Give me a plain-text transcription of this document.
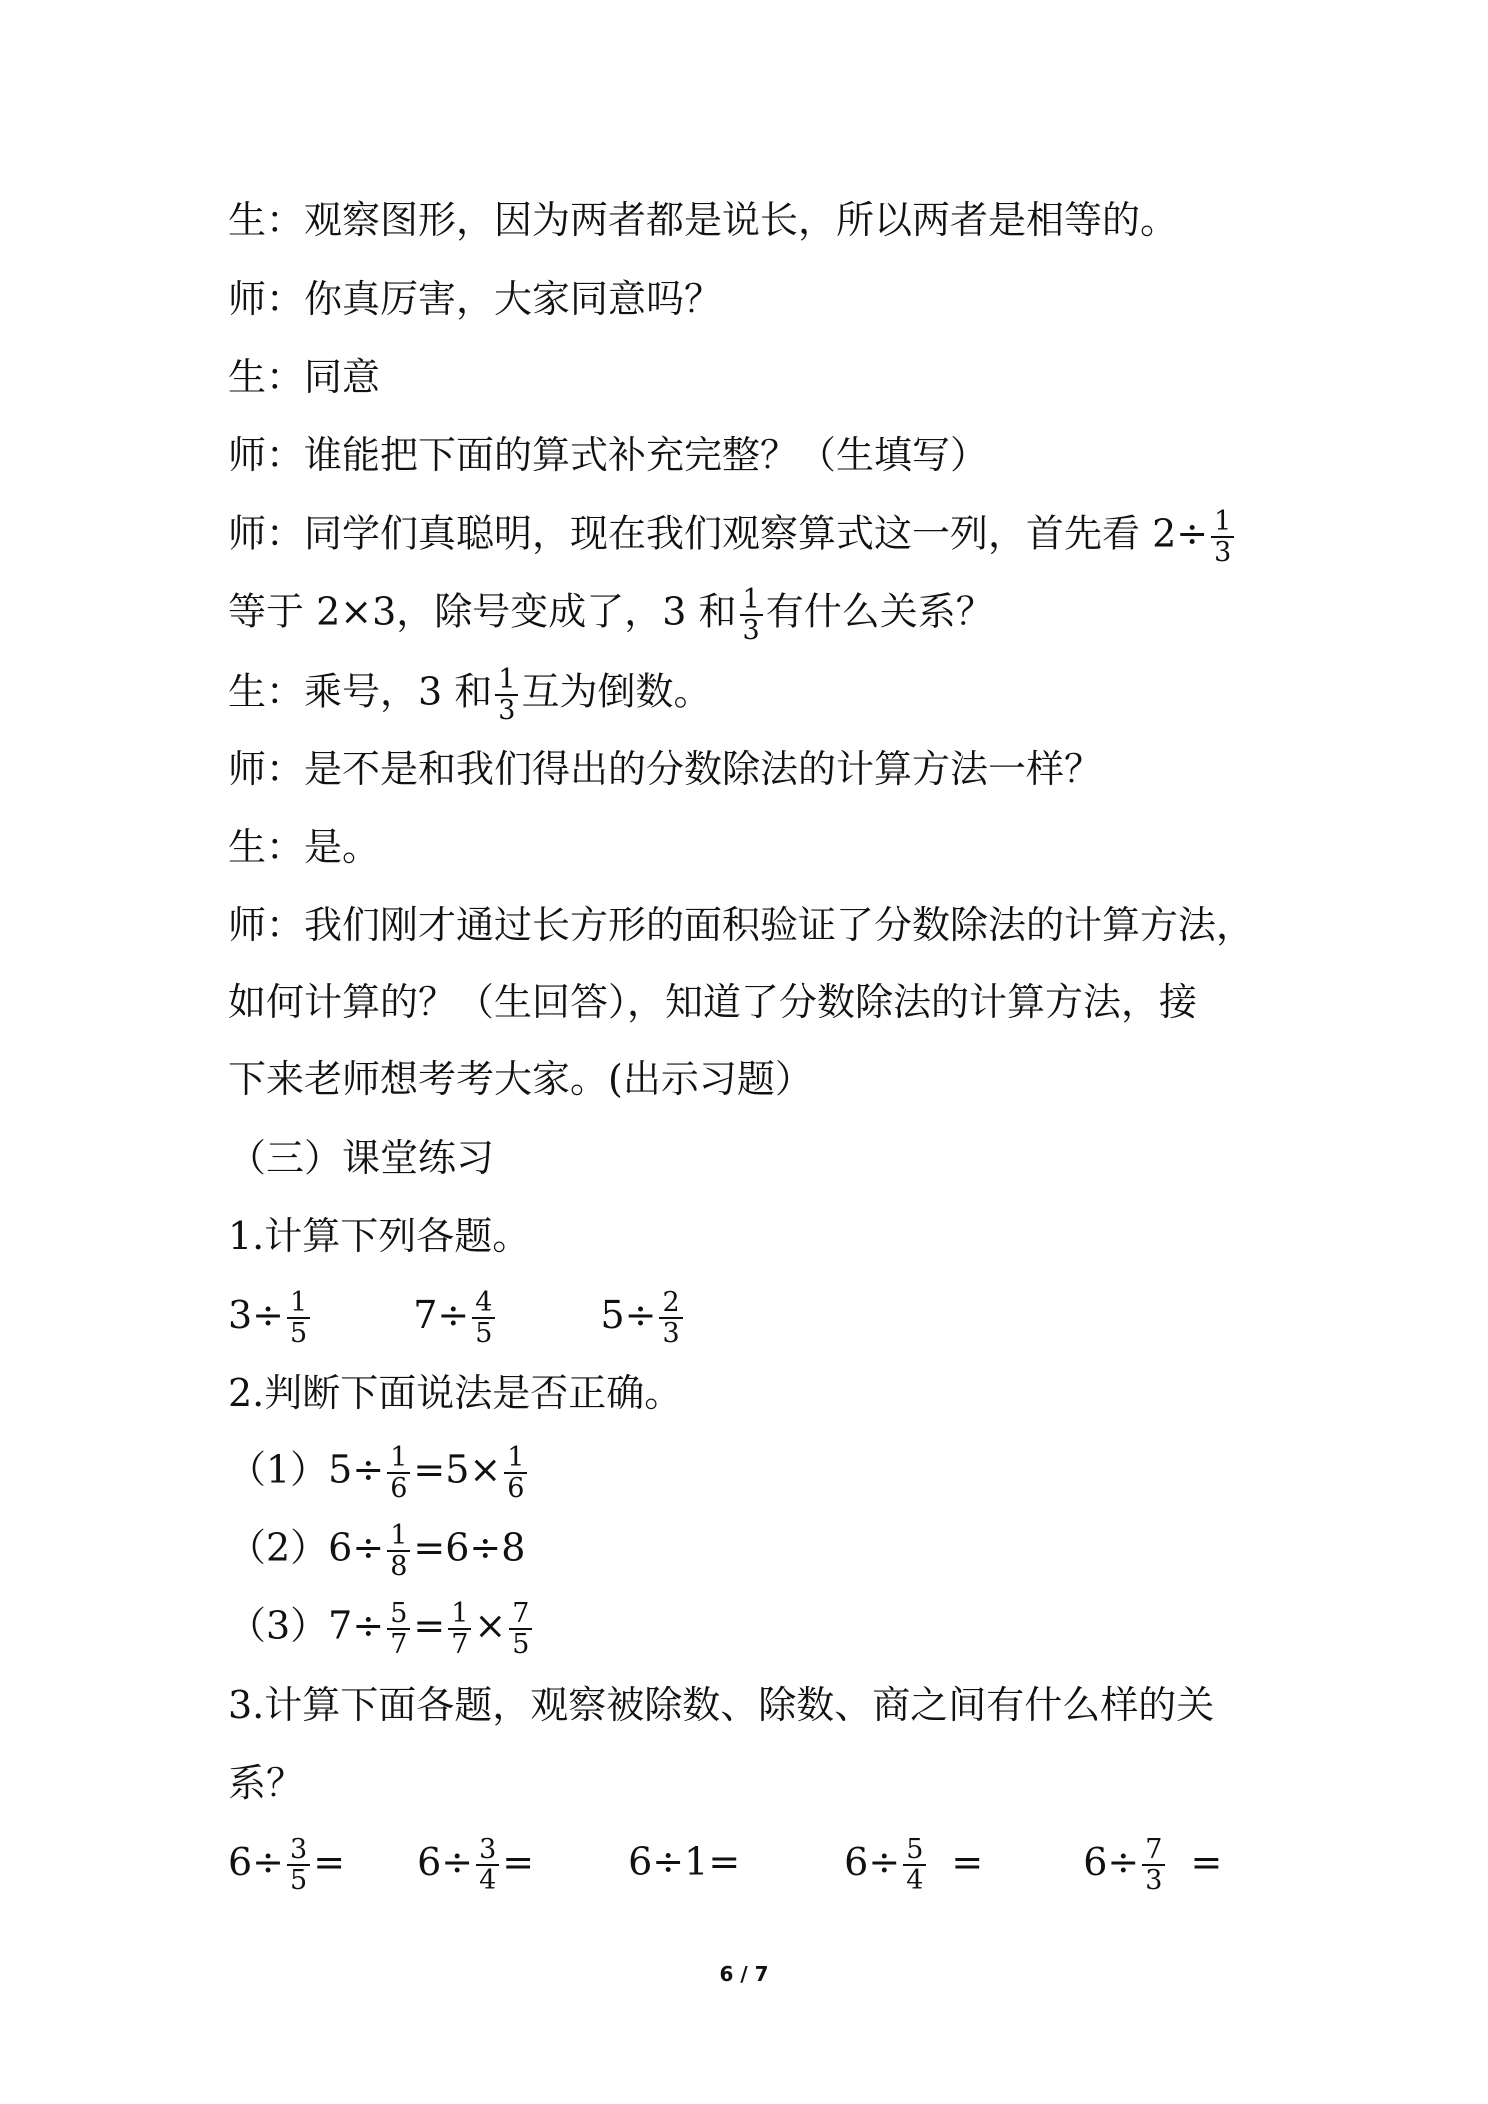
生：观察图形，因为两者都是说长，所以两者是相等的。
师：你真厉害，大家同意吗？
生：同意
师：谁能把下面的算式补充完整？（生填写）
师：同学们真聪明，现在我们观察算式这一列，首先看 $2\div \frac{1}{3}$
等于 2×3，除号变成了，3 和 $\frac{1}{3}$ 有什么关系？
生：乘号，3 和 $\frac{1}{3}$ 互为倒数。
师：是不是和我们得出的分数除法的计算方法一样？
生：是。
师：我们刚才通过长方形的面积验证了分数除法的计算方法，
如何计算的？（生回答），知道了分数除法的计算方法，接
下来老师想考考大家。(出示习题）
（三）课堂练习
1.计算下列各题。
$3\div \frac{1}{5}$	$7\div \frac{4}{5}$	$5\div \frac{2}{3}$
2.判断下面说法是否正确。
$(1)5\div \frac{1}{6} =5\times \frac{1}{6}$
$(2)6\div \frac{1}{8} =6\div 8$
$(3)7\div \frac{5}{7} = \frac{1}{7} \times \frac{7}{5}$
3.计算下面各题，观察被除数、除数、商之间有什么样的关
系？
$6\div \frac{3}{5} = 6\div \frac{3}{4} = 6\div 1=$	$6\div \frac{5}{4}$ =	$6\div \frac{7}{3}$ =
6 / 7
